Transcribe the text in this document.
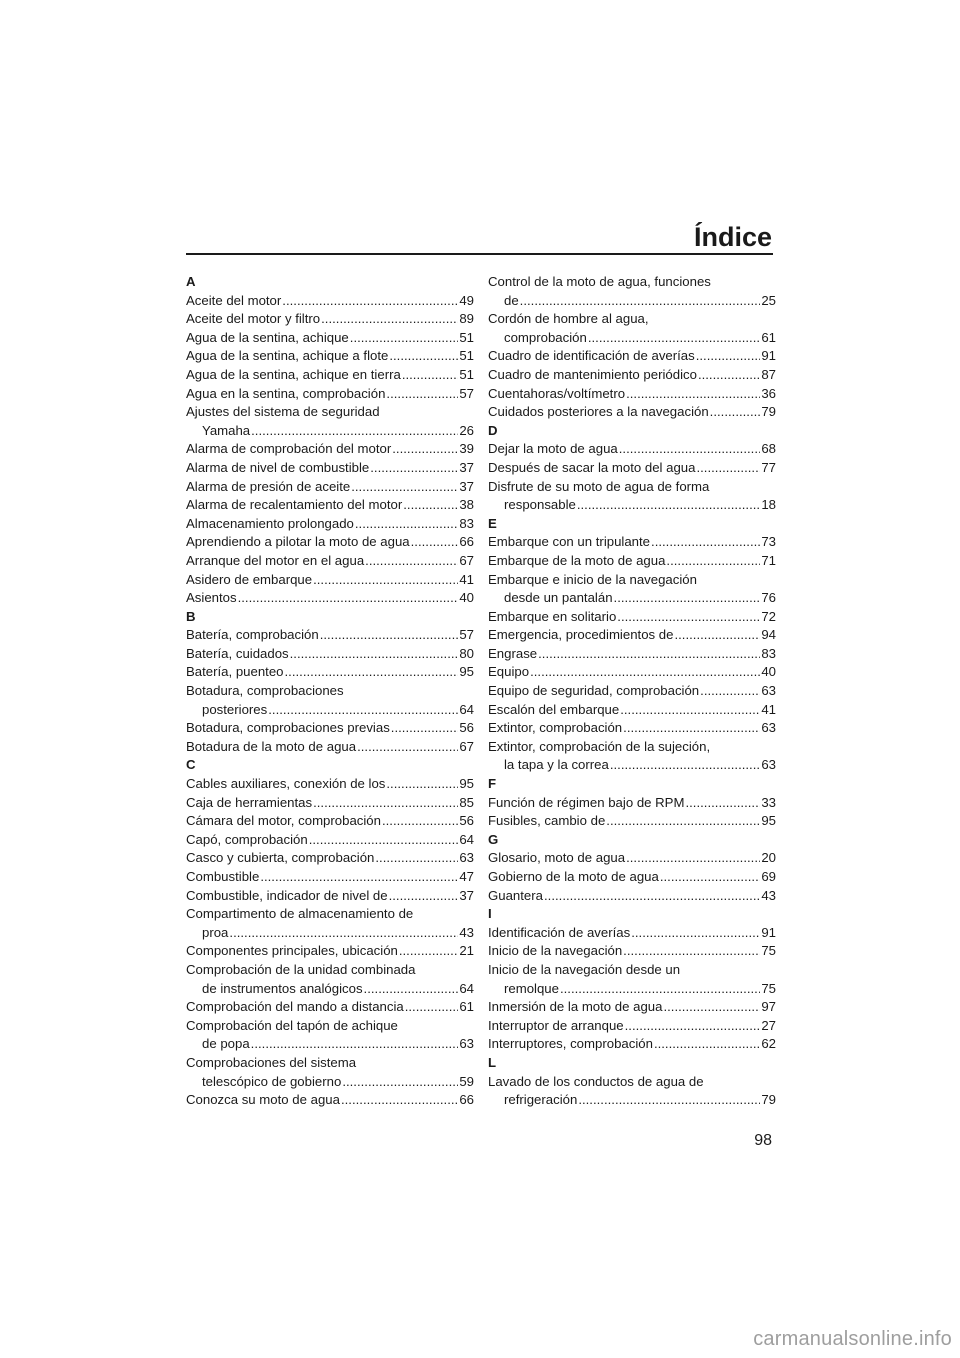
Índice
A
Aceite del motor .....	49
Aceite del motor y filtro .....	89
Agua de la sentina, achique .....	51
Agua de la sentina, achique a flote .....	51
Agua de la sentina, achique en tierra .....	51
Agua en la sentina, comprobación .....	57
Ajustes del sistema de seguridad
Yamaha .....	26
Alarma de comprobación del motor .....	39
Alarma de nivel de combustible .....	37
Alarma de presión de aceite .....	37
Alarma de recalentamiento del motor .....	38
Almacenamiento prolongado .....	83
Aprendiendo a pilotar la moto de agua .....	66
Arranque del motor en el agua .....	67
Asidero de embarque .....	41
Asientos .....	40
B
Batería, comprobación .....	57
Batería, cuidados .....	80
Batería, puenteo .....	95
Botadura, comprobaciones
posteriores .....	64
Botadura, comprobaciones previas .....	56
Botadura de la moto de agua .....	67
C
Cables auxiliares, conexión de los .....	95
Caja de herramientas .....	85
Cámara del motor, comprobación .....	56
Capó, comprobación .....	64
Casco y cubierta, comprobación .....	63
Combustible .....	47
Combustible, indicador de nivel de .....	37
Compartimento de almacenamiento de
proa .....	43
Componentes principales, ubicación .....	21
Comprobación de la unidad combinada
de instrumentos analógicos .....	64
Comprobación del mando a distancia .....	61
Comprobación del tapón de achique
de popa .....	63
Comprobaciones del sistema
telescópico de gobierno .....	59
Conozca su moto de agua .....	66
Control de la moto de agua, funciones
de .....	25
Cordón de hombre al agua,
comprobación .....	61
Cuadro de identificación de averías .....	91
Cuadro de mantenimiento periódico .....	87
Cuentahoras/voltímetro .....	36
Cuidados posteriores a la navegación .....	79
D
Dejar la moto de agua .....	68
Después de sacar la moto del agua .....	77
Disfrute de su moto de agua de forma
responsable .....	18
E
Embarque con un tripulante .....	73
Embarque de la moto de agua .....	71
Embarque e inicio de la navegación
desde un pantalán .....	76
Embarque en solitario .....	72
Emergencia, procedimientos de .....	94
Engrase .....	83
Equipo .....	40
Equipo de seguridad, comprobación .....	63
Escalón del embarque .....	41
Extintor, comprobación .....	63
Extintor, comprobación de la sujeción,
la tapa y la correa .....	63
F
Función de régimen bajo de RPM .....	33
Fusibles, cambio de .....	95
G
Glosario, moto de agua .....	20
Gobierno de la moto de agua .....	69
Guantera .....	43
I
Identificación de averías .....	91
Inicio de la navegación .....	75
Inicio de la navegación desde un
remolque .....	75
Inmersión de la moto de agua .....	97
Interruptor de arranque .....	27
Interruptores, comprobación .....	62
L
Lavado de los conductos de agua de
refrigeración .....	79
98
carmanualsonline.info
